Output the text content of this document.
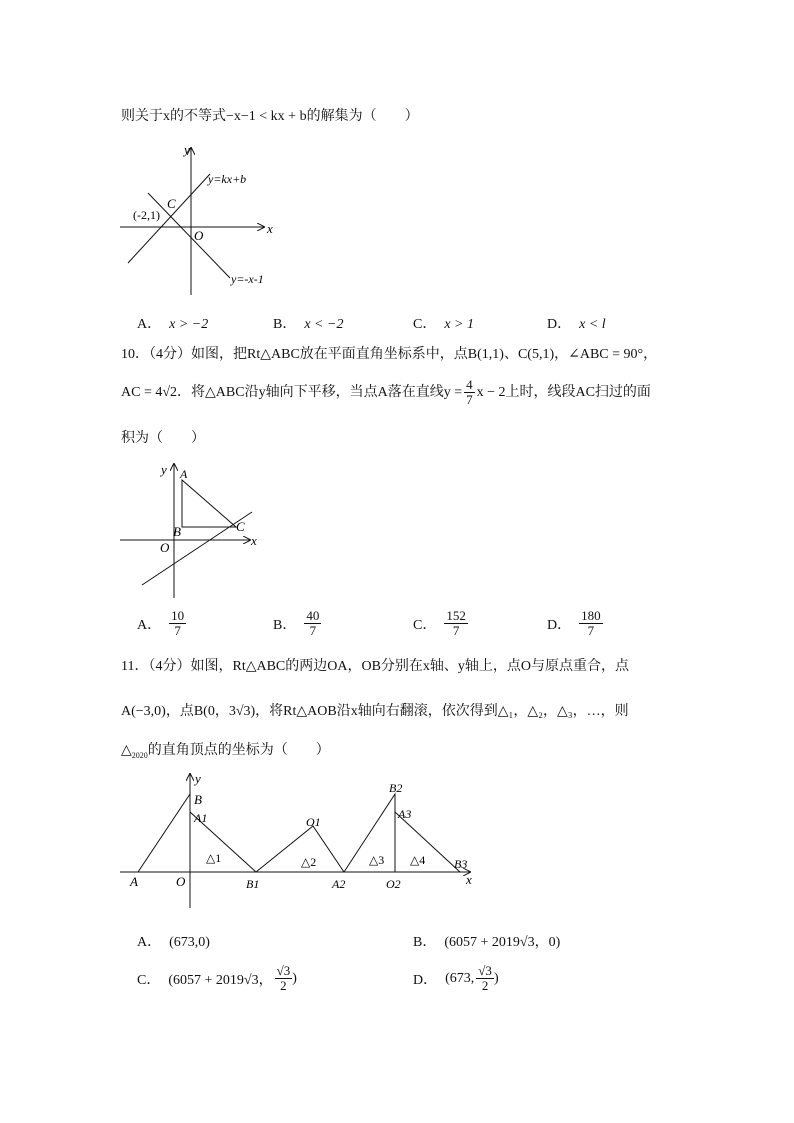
则关于x的不等式−x−1 < kx + b的解集为（　　）
y
x
O
C
(-2,1)
y=kx+b
y=-x-1
A． x > −2	B． x < −2	C． x > 1	D． x < l
10．（4分）如图，把Rt△ABC放在平面直角坐标系中，点B(1,1)、C(5,1)，∠ABC = 90°，
AC = 4√2．将△ABC沿y轴向下平移，当点A落在直线$y = \frac{4}{7}$ x − 2上时，线段AC扫过的面
积为（　　）
y
x
O
A
B	C
A． $\frac{10}{7}$	B． $\frac{40}{7}$	C． $\frac{152}{7}$	D． $\frac{180}{7}$
11．（4分）如图，Rt△ABC的两边OA，OB分别在x轴、y轴上，点O与原点重合，点
A(−3,0)，点B(0，3√3)，将Rt△AOB沿x轴向右翻滚，依次得到△₁，△₂，△₃，…，则
$\triangle_{2020}$的直角顶点的坐标为（　　）
y
x
A	O
B
A1
B1
O1
A2
B2
A3
O2
B3
△1	△2	△3 △4
A． (673,0)	B． (6057 + 2019√3，0)
C． (6057 + 2019√3， $\frac{√3}{2}$ )	D． (673, $\frac{√3}{2}$ )
